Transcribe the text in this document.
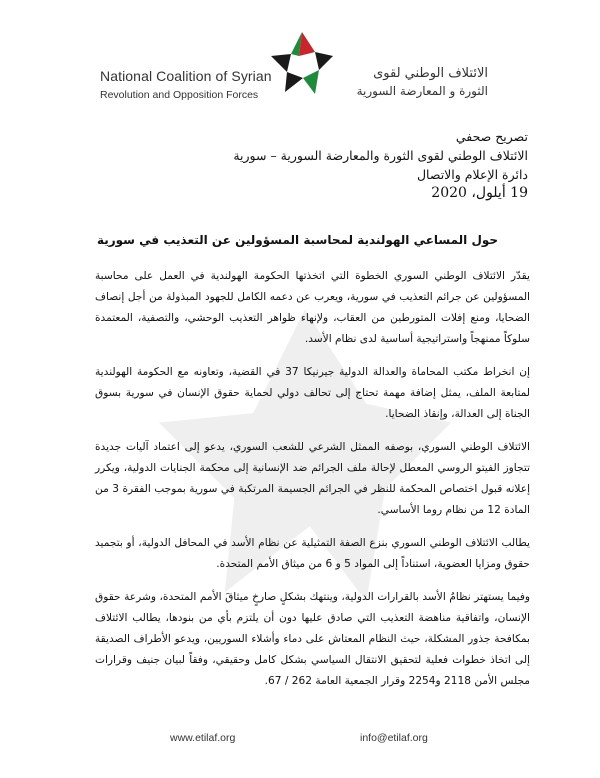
National Coalition of Syrian
Revolution and Opposition Forces
الائتلاف الوطني لقوى
الثورة و المعارضة السورية
تصريح صحفي
الائتلاف الوطني لقوى الثورة والمعارضة السورية – سورية
دائرة الإعلام والاتصال
19 أيلول، 2020
حول المساعي الهولندية لمحاسبة المسؤولين عن التعذيب في سورية

يقدّر الائتلاف الوطني السوري الخطوة التي اتخذتها الحكومة الهولندية في العمل على محاسبة المسؤولين عن جرائم التعذيب في سورية، ويعرب عن دعمه الكامل للجهود المبذولة من أجل إنصاف الضحايا، ومنع إفلات المتورطين من العقاب، ولإنهاء ظواهر التعذيب الوحشي، والتصفية، المعتمدة سلوكاً ممنهجاً واستراتيجية أساسية لدى نظام الأسد.

إن انخراط مكتب المحاماة والعدالة الدولية جيرنيكا 37 في القضية، وتعاونه مع الحكومة الهولندية لمتابعة الملف، يمثل إضافة مهمة تحتاج إلى تحالف دولي لحماية حقوق الإنسان في سورية بسوق الجناة إلى العدالة، وإنقاذ الضحايا.

الائتلاف الوطني السوري، بوصفه الممثل الشرعي للشعب السوري، يدعو إلى اعتماد آليات جديدة تتجاوز الفيتو الروسي المعطل لإحالة ملف الجرائم ضد الإنسانية إلى محكمة الجنايات الدولية، ويكرر إعلانه قبول اختصاص المحكمة للنظر في الجرائم الجسيمة المرتكبة في سورية بموجب الفقرة 3 من المادة 12 من نظام روما الأساسي.

يطالب الائتلاف الوطني السوري بنزع الصفة التمثيلية عن نظام الأسد في المحافل الدولية، أو بتجميد حقوق ومزايا العضوية، استناداً إلى المواد 5 و 6 من ميثاق الأمم المتحدة.

وفيما يستهتر نظامُ الأسد بالقرارات الدولية، وينتهك بشكلٍ صارخٍ ميثاقَ الأمم المتحدة، وشرعة حقوق الإنسان، واتفاقية مناهضة التعذيب التي صادق عليها دون أن يلتزم بأي من بنودها، يطالب الائتلاف بمكافحة جذور المشكلة، حيث النظام المعتاش على دماء وأشلاء السوريين، ويدعو الأطراف الصديقة إلى اتخاذ خطوات فعلية لتحقيق الانتقال السياسي بشكل كامل وحقيقي، وفقاً لبيان جنيف وقرارات مجلس الأمن 2118 و2254 وقرار الجمعية العامة 262 / 67.

www.etilaf.org	info@etilaf.org
